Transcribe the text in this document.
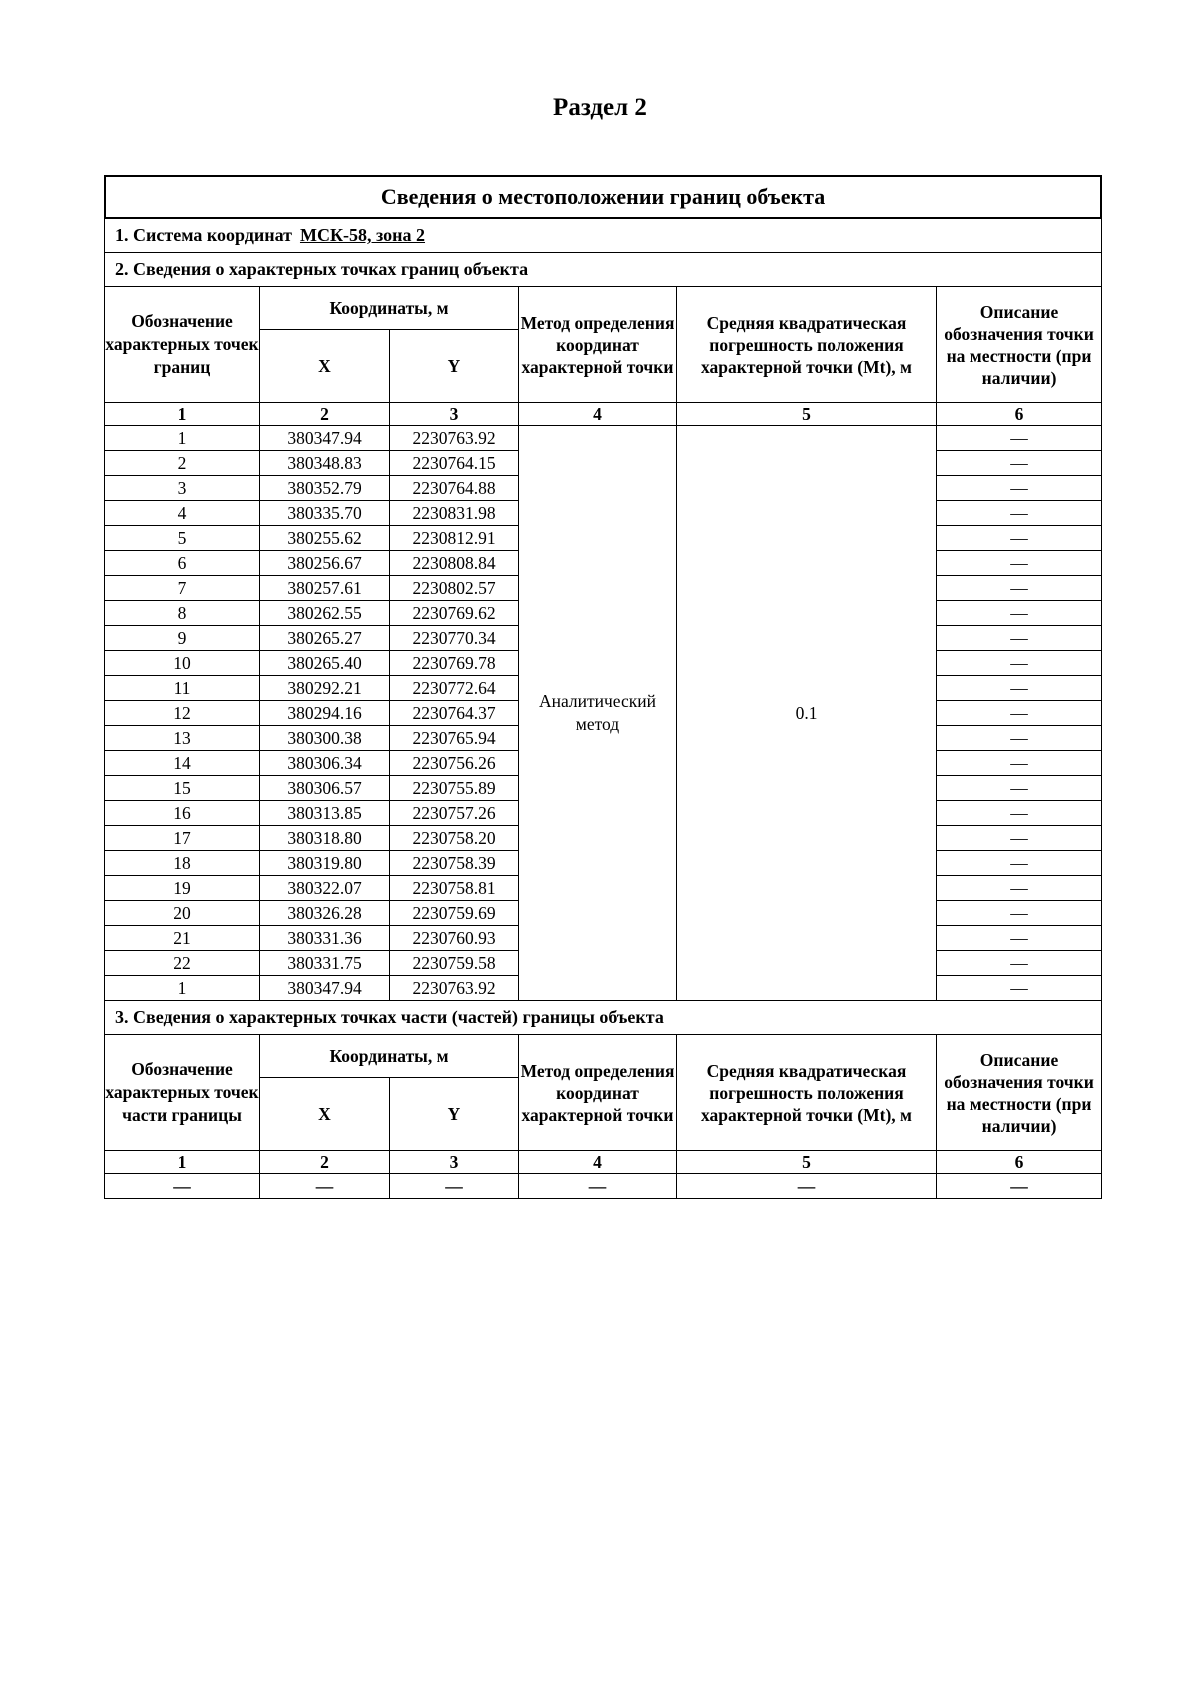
Раздел 2
Сведения о местоположении границ объекта					
1. Система координат МСК-58, зона 2					
2. Сведения о характерных точках границ объекта					
Обозначение характерных точек границ	Координаты, м		Метод определения координат характерной точки	Средняя квадратическая погрешность положения характерной точки (Mt), м	Описание обозначения точки на местности (при наличии)
	X	Y			
1	2	3	4	5	6
1	380347.94	2230763.92	Аналитический метод	0.1	—
2	380348.83	2230764.15			—
3	380352.79	2230764.88			—
4	380335.70	2230831.98			—
5	380255.62	2230812.91			—
6	380256.67	2230808.84			—
7	380257.61	2230802.57			—
8	380262.55	2230769.62			—
9	380265.27	2230770.34			—
10	380265.40	2230769.78			—
11	380292.21	2230772.64			—
12	380294.16	2230764.37			—
13	380300.38	2230765.94			—
14	380306.34	2230756.26			—
15	380306.57	2230755.89			—
16	380313.85	2230757.26			—
17	380318.80	2230758.20			—
18	380319.80	2230758.39			—
19	380322.07	2230758.81			—
20	380326.28	2230759.69			—
21	380331.36	2230760.93			—
22	380331.75	2230759.58			—
1	380347.94	2230763.92			—
3. Сведения о характерных точках части (частей) границы объекта					
Обозначение характерных точек части границы	Координаты, м		Метод определения координат характерной точки	Средняя квадратическая погрешность положения характерной точки (Mt), м	Описание обозначения точки на местности (при наличии)
	X	Y			
1	2	3	4	5	6
—	—	—	—	—	—
